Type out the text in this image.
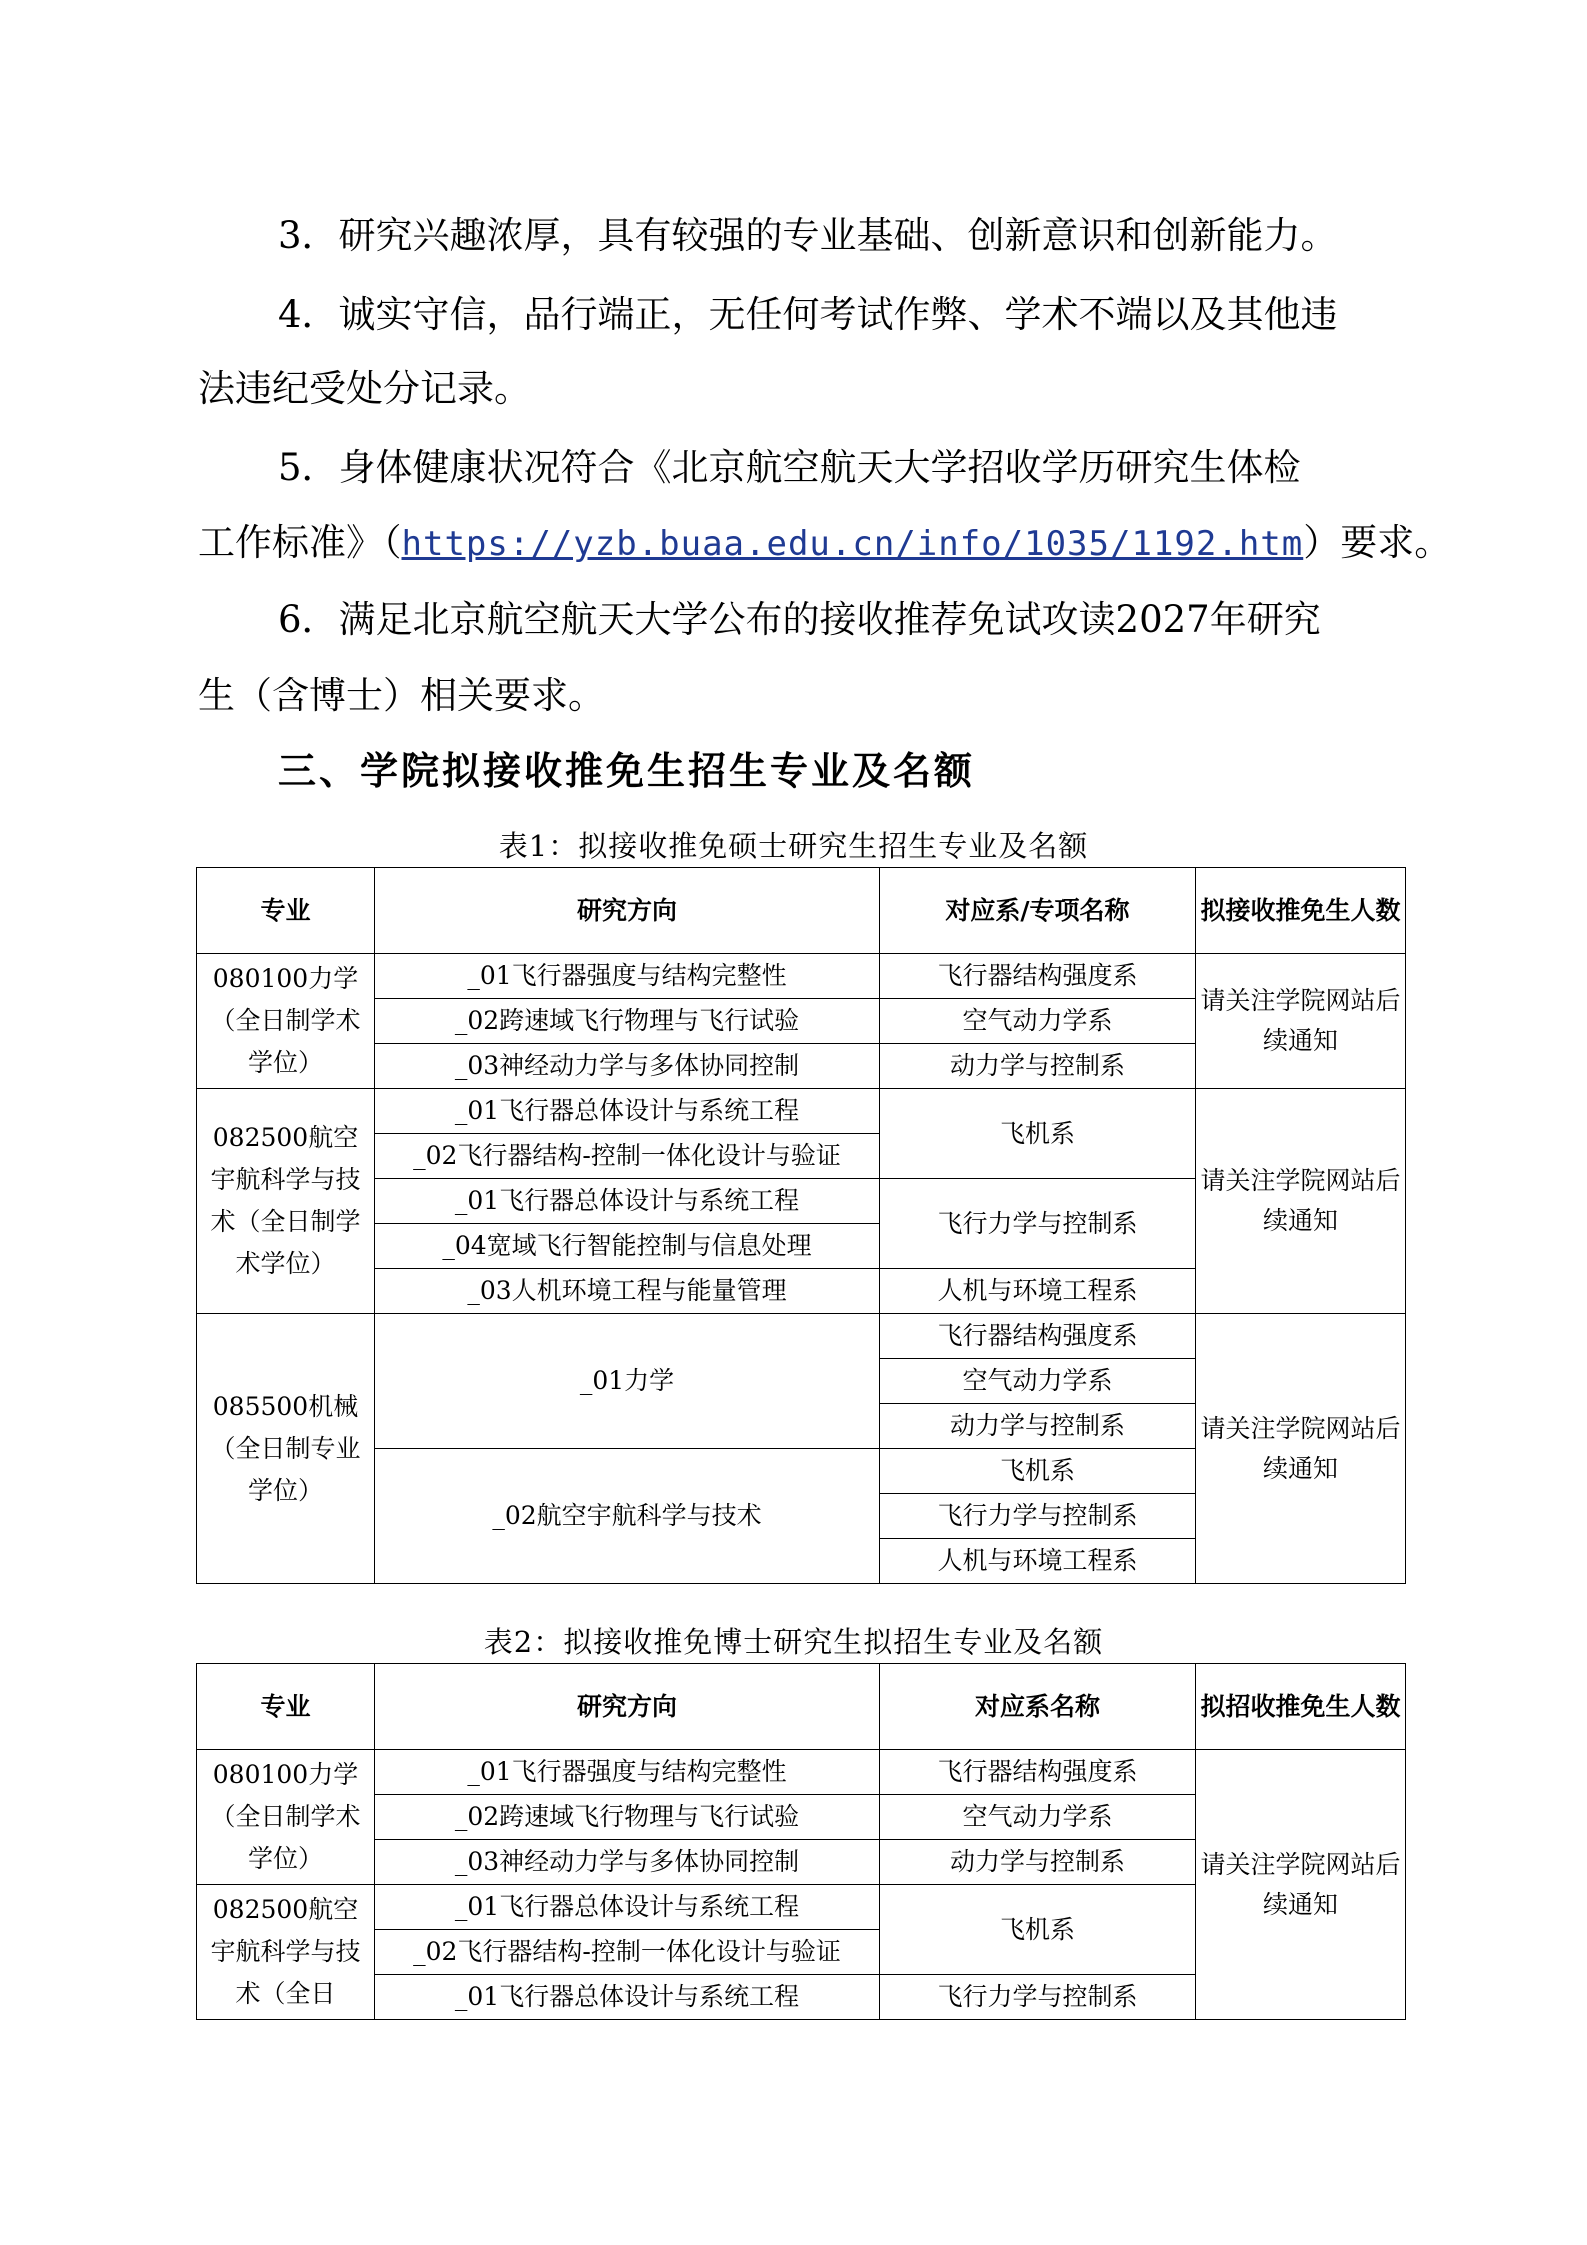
3．研究兴趣浓厚，具有较强的专业基础、创新意识和创新能力。

4．诚实守信，品行端正，无任何考试作弊、学术不端以及其他违

法违纪受处分记录。

5．身体健康状况符合《北京航空航天大学招收学历研究生体检

工作标准》（https://yzb.buaa.edu.cn/info/1035/1192.htm）要求。

6．满足北京航空航天大学公布的接收推荐免试攻读2027年研究

生（含博士）相关要求。

三、学院拟接收推免生招生专业及名额
表1：拟接收推免硕士研究生招生专业及名额
专业	研究方向	对应系/专项名称	拟接收推免生人数
080100力学（全日制学术学位）	_01飞行器强度与结构完整性	飞行器结构强度系	请关注学院网站后续通知
	_02跨速域飞行物理与飞行试验	空气动力学系	
	_03神经动力学与多体协同控制	动力学与控制系	
082500航空宇航科学与技术（全日制学术学位）	_01飞行器总体设计与系统工程	飞机系	请关注学院网站后续通知
	_02飞行器结构-控制一体化设计与验证		
	_01飞行器总体设计与系统工程	飞行力学与控制系	
	_04宽域飞行智能控制与信息处理		
	_03人机环境工程与能量管理	人机与环境工程系	
085500机械（全日制专业学位）	_01力学	飞行器结构强度系	请关注学院网站后续通知
		空气动力学系	
		动力学与控制系	
	_02航空宇航科学与技术	飞机系	
		飞行力学与控制系	
		人机与环境工程系	
表2：拟接收推免博士研究生拟招生专业及名额
专业	研究方向	对应系名称	拟招收推免生人数
080100力学（全日制学术学位）	_01飞行器强度与结构完整性	飞行器结构强度系	请关注学院网站后续通知
	_02跨速域飞行物理与飞行试验	空气动力学系	
	_03神经动力学与多体协同控制	动力学与控制系	
082500航空宇航科学与技术（全日	_01飞行器总体设计与系统工程	飞机系	
	_02飞行器结构-控制一体化设计与验证		
	_01飞行器总体设计与系统工程	飞行力学与控制系	
